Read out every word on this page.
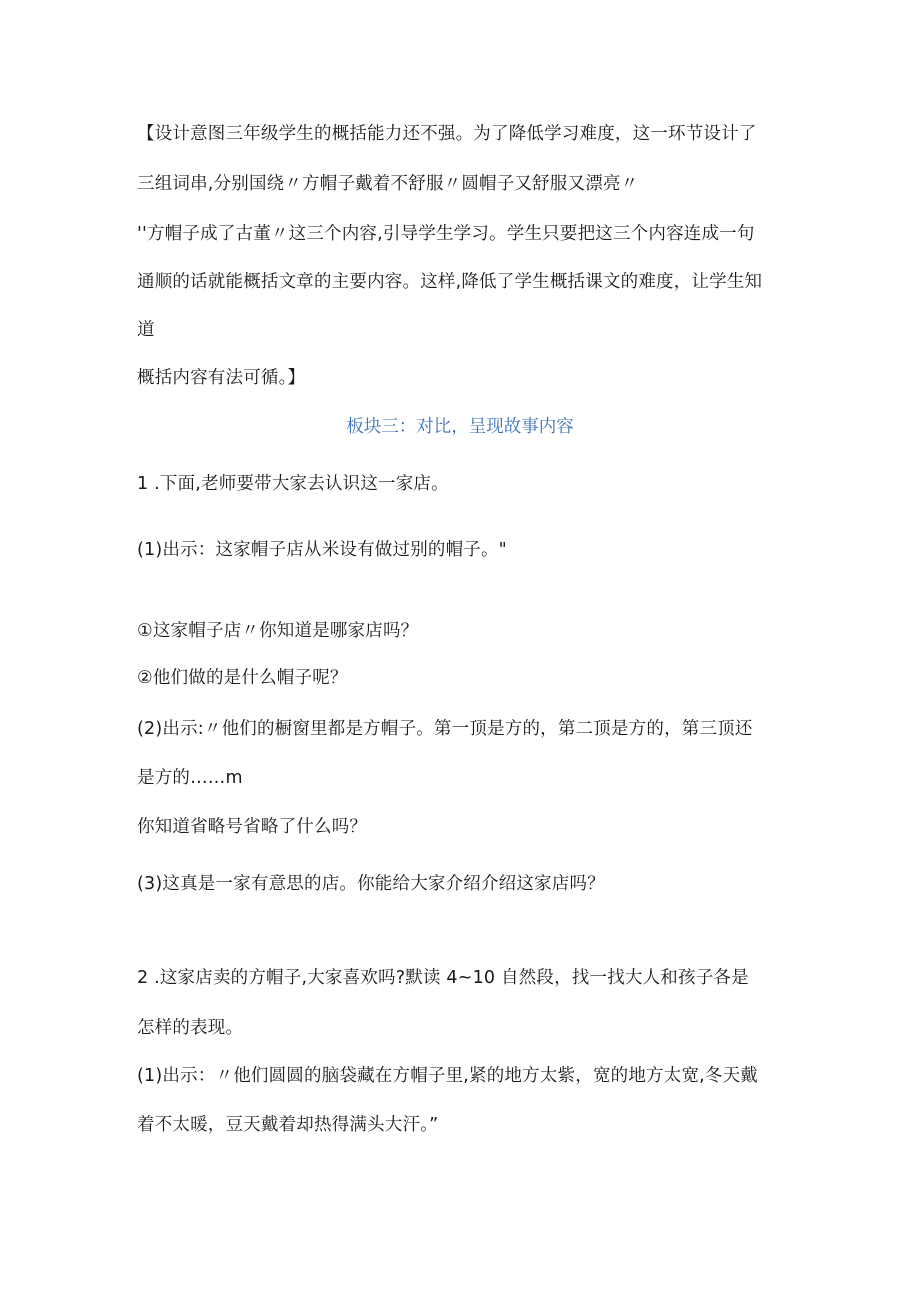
【设计意图三年级学生的概括能力还不强。为了降低学习难度，这一环节设计了
三组词串,分别国绕〃方帽子戴着不舒服〃圆帽子又舒服又漂亮〃
''方帽子成了古董〃这三个内容,引导学生学习。学生只要把这三个内容连成一句
通顺的话就能概括文章的主要内容。这样,降低了学生概括课文的难度，让学生知
道
概括内容有法可循。】
板块三：对比，呈现故事内容
1 .下面,老师要带大家去认识这一家店。
(1)出示：这家帽子店从米设有做过别的帽子。"
①这家帽子店〃你知道是哪家店吗？
②他们做的是什么帽子呢？
(2)出示:〃他们的橱窗里都是方帽子。第一顶是方的，第二顶是方的，第三顶还
是方的……m
你知道省略号省略了什么吗？
(3)这真是一家有意思的店。你能给大家介绍介绍这家店吗？
2 .这家店卖的方帽子,大家喜欢吗?默读 4~10 自然段，找一找大人和孩子各是
怎样的表现。
(1)出示：〃他们圆圆的脑袋藏在方帽子里,紧的地方太紫，宽的地方太宽,冬天戴
着不太暖，豆天戴着却热得满头大汗。”
